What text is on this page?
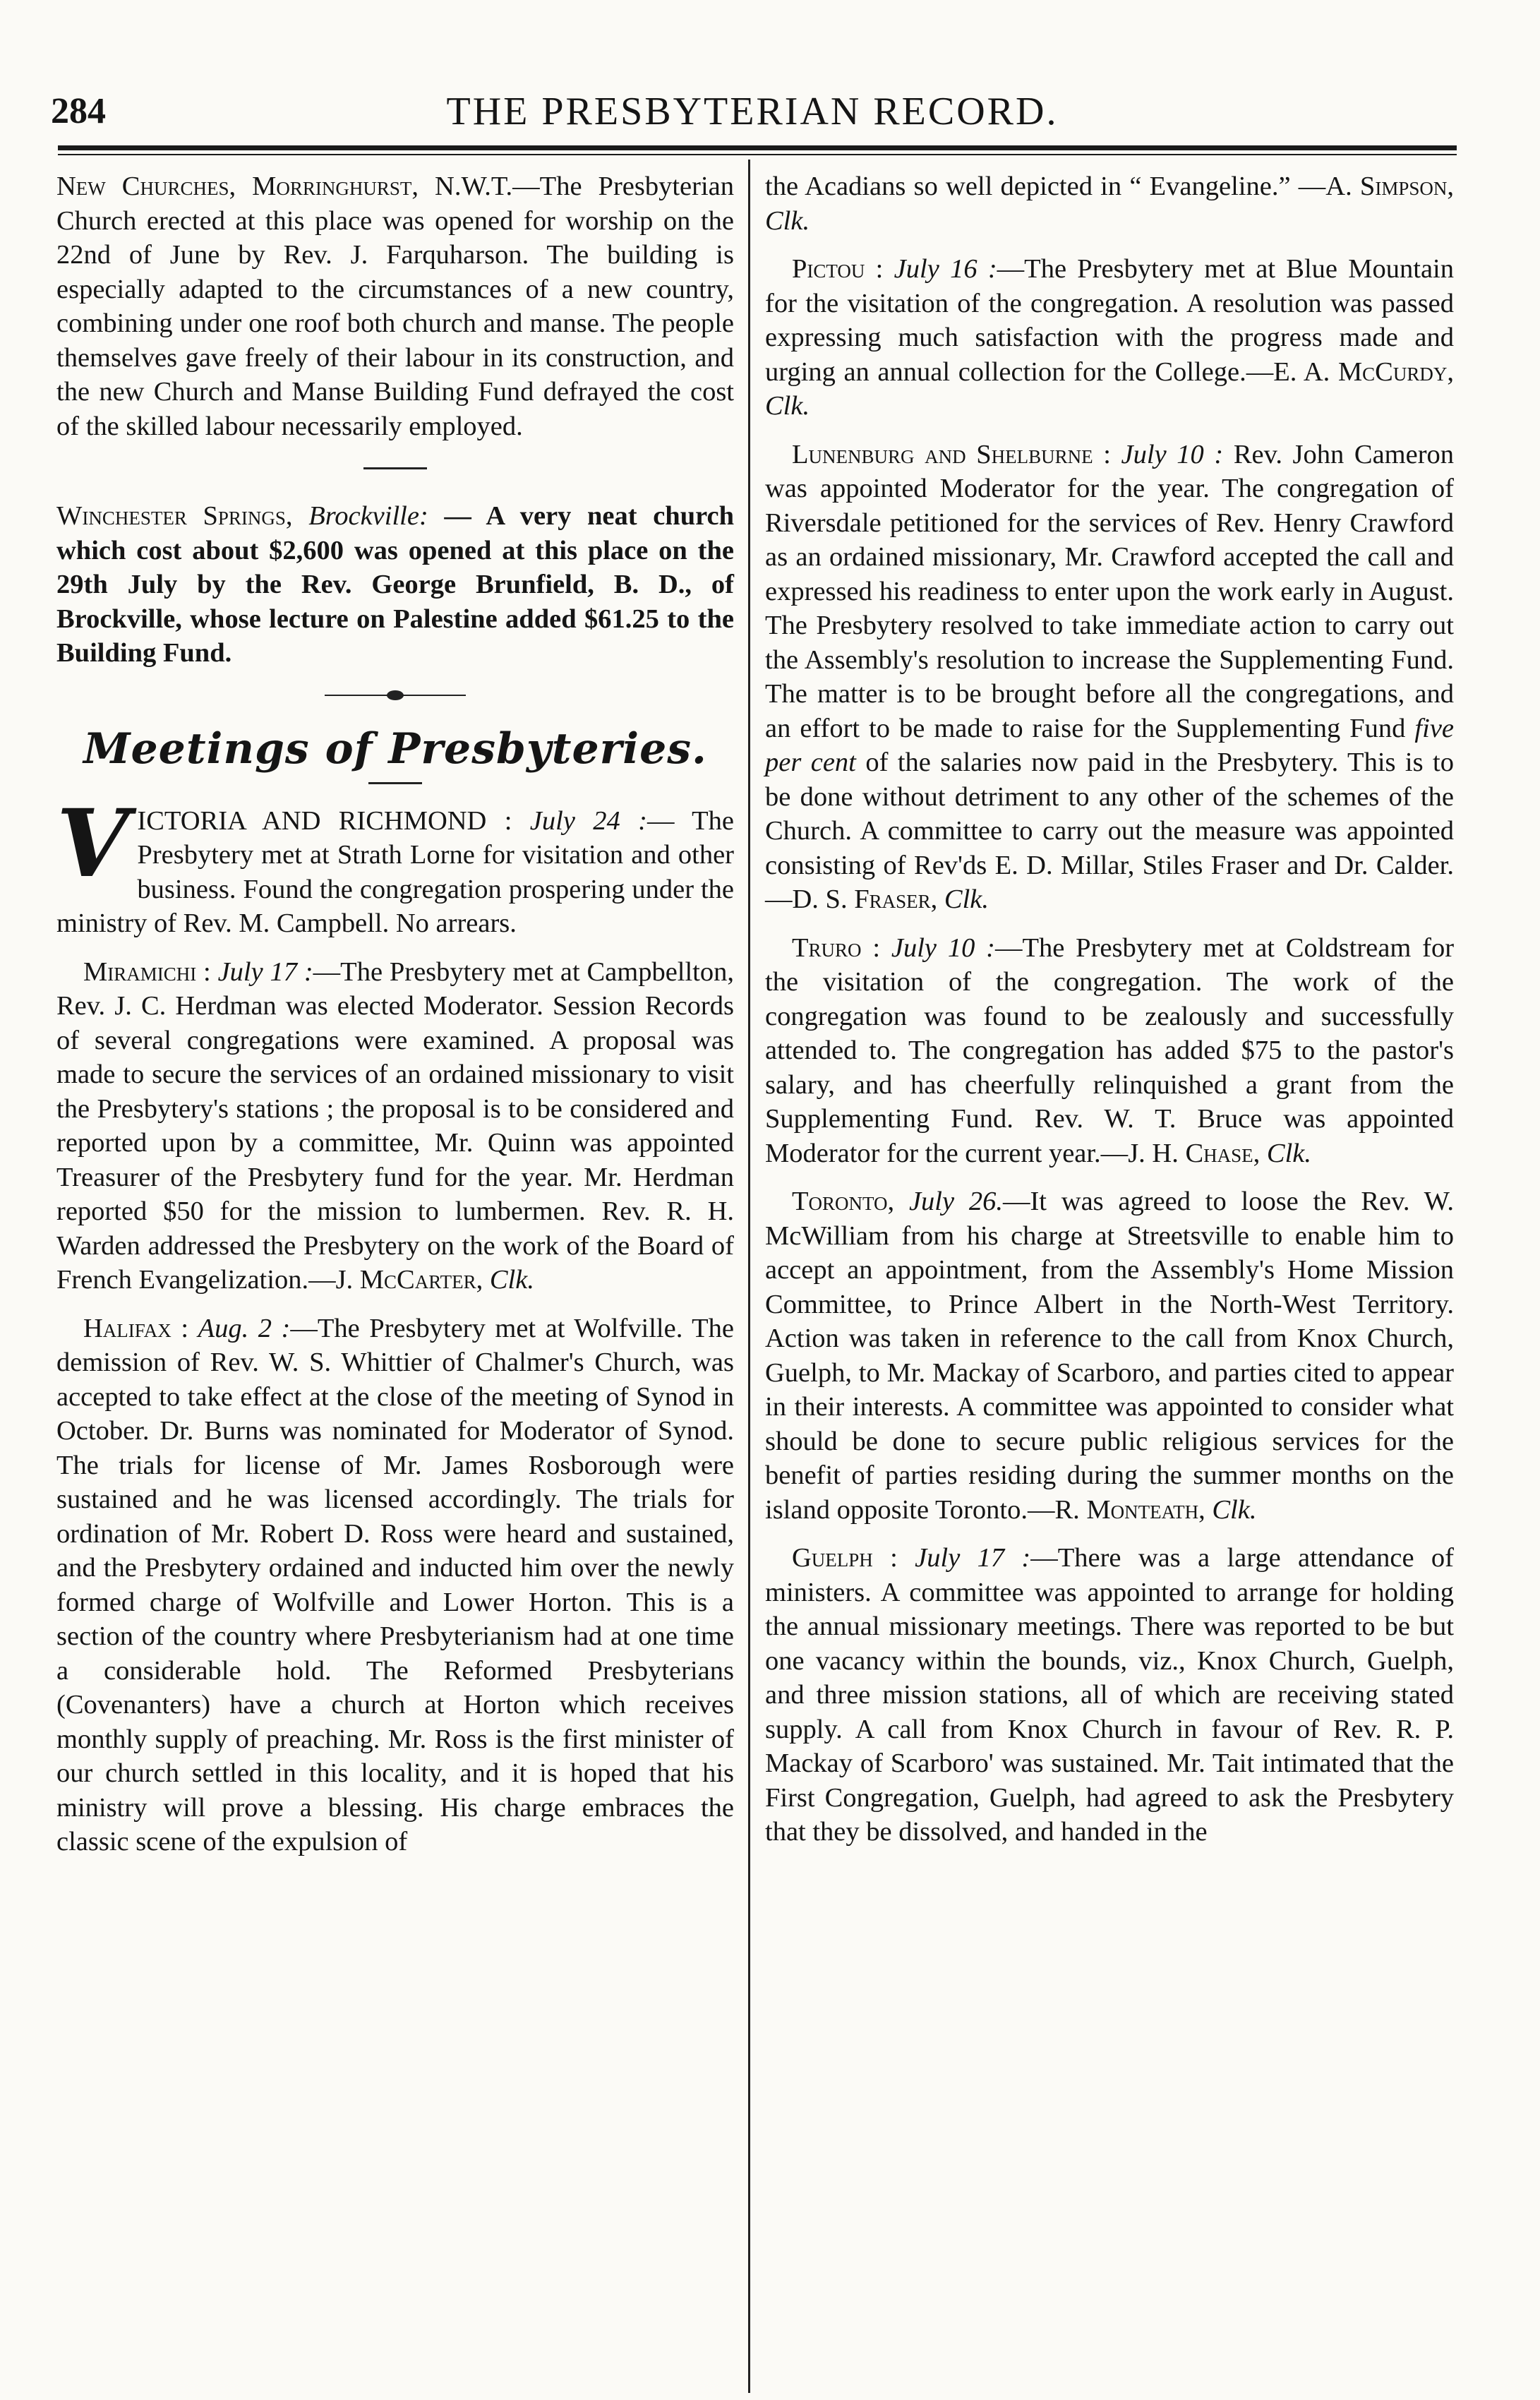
284	THE PRESBYTERIAN RECORD.

New Churches, Morringhurst, N.W.T.—The Presbyterian Church erected at this place was opened for worship on the 22nd of June by Rev. J. Farquharson. The building is especially adapted to the circumstances of a new country, combining under one roof both church and manse. The people themselves gave freely of their labour in its construction, and the new Church and Manse Building Fund defrayed the cost of the skilled labour necessarily employed.

Winchester Springs, Brockville: — A very neat church which cost about $2,600 was opened at this place on the 29th July by the Rev. George Brunfield, B. D., of Brockville, whose lecture on Palestine added $61.25 to the Building Fund.

Meetings of Presbyteries.

VICTORIA AND RICHMOND : July 24 :— The Presbytery met at Strath Lorne for visitation and other business. Found the congregation prospering under the ministry of Rev. M. Campbell. No arrears.

Miramichi : July 17 :—The Presbytery met at Campbellton, Rev. J. C. Herdman was elected Moderator. Session Records of several congregations were examined. A proposal was made to secure the services of an ordained missionary to visit the Presbytery's stations ; the proposal is to be considered and reported upon by a committee, Mr. Quinn was appointed Treasurer of the Presbytery fund for the year. Mr. Herdman reported $50 for the mission to lumbermen. Rev. R. H. Warden addressed the Presbytery on the work of the Board of French Evangelization.—J. McCarter, Clk.

Halifax : Aug. 2 :—The Presbytery met at Wolfville. The demission of Rev. W. S. Whittier of Chalmer's Church, was accepted to take effect at the close of the meeting of Synod in October. Dr. Burns was nominated for Moderator of Synod. The trials for license of Mr. James Rosborough were sustained and he was licensed accordingly. The trials for ordination of Mr. Robert D. Ross were heard and sustained, and the Presbytery ordained and inducted him over the newly formed charge of Wolfville and Lower Horton. This is a section of the country where Presbyterianism had at one time a considerable hold. The Reformed Presbyterians (Covenanters) have a church at Horton which receives monthly supply of preaching. Mr. Ross is the first minister of our church settled in this locality, and it is hoped that his ministry will prove a blessing. His charge embraces the classic scene of the expulsion of

the Acadians so well depicted in “ Evangeline.” —A. Simpson, Clk.

Pictou : July 16 :—The Presbytery met at Blue Mountain for the visitation of the congregation. A resolution was passed expressing much satisfaction with the progress made and urging an annual collection for the College.—E. A. McCurdy, Clk.

Lunenburg and Shelburne : July 10 : Rev. John Cameron was appointed Moderator for the year. The congregation of Riversdale petitioned for the services of Rev. Henry Crawford as an ordained missionary, Mr. Crawford accepted the call and expressed his readiness to enter upon the work early in August. The Presbytery resolved to take immediate action to carry out the Assembly's resolution to increase the Supplementing Fund. The matter is to be brought before all the congregations, and an effort to be made to raise for the Supplementing Fund five per cent of the salaries now paid in the Presbytery. This is to be done without detriment to any other of the schemes of the Church. A committee to carry out the measure was appointed consisting of Rev'ds E. D. Millar, Stiles Fraser and Dr. Calder.—D. S. Fraser, Clk.

Truro : July 10 :—The Presbytery met at Coldstream for the visitation of the congregation. The work of the congregation was found to be zealously and successfully attended to. The congregation has added $75 to the pastor's salary, and has cheerfully relinquished a grant from the Supplementing Fund. Rev. W. T. Bruce was appointed Moderator for the current year.—J. H. Chase, Clk.

Toronto, July 26.—It was agreed to loose the Rev. W. McWilliam from his charge at Streetsville to enable him to accept an appointment, from the Assembly's Home Mission Committee, to Prince Albert in the North-West Territory. Action was taken in reference to the call from Knox Church, Guelph, to Mr. Mackay of Scarboro, and parties cited to appear in their interests. A committee was appointed to consider what should be done to secure public religious services for the benefit of parties residing during the summer months on the island opposite Toronto.—R. Monteath, Clk.

Guelph : July 17 :—There was a large attendance of ministers. A committee was appointed to arrange for holding the annual missionary meetings. There was reported to be but one vacancy within the bounds, viz., Knox Church, Guelph, and three mission stations, all of which are receiving stated supply. A call from Knox Church in favour of Rev. R. P. Mackay of Scarboro' was sustained. Mr. Tait intimated that the First Congregation, Guelph, had agreed to ask the Presbytery that they be dissolved, and handed in the
